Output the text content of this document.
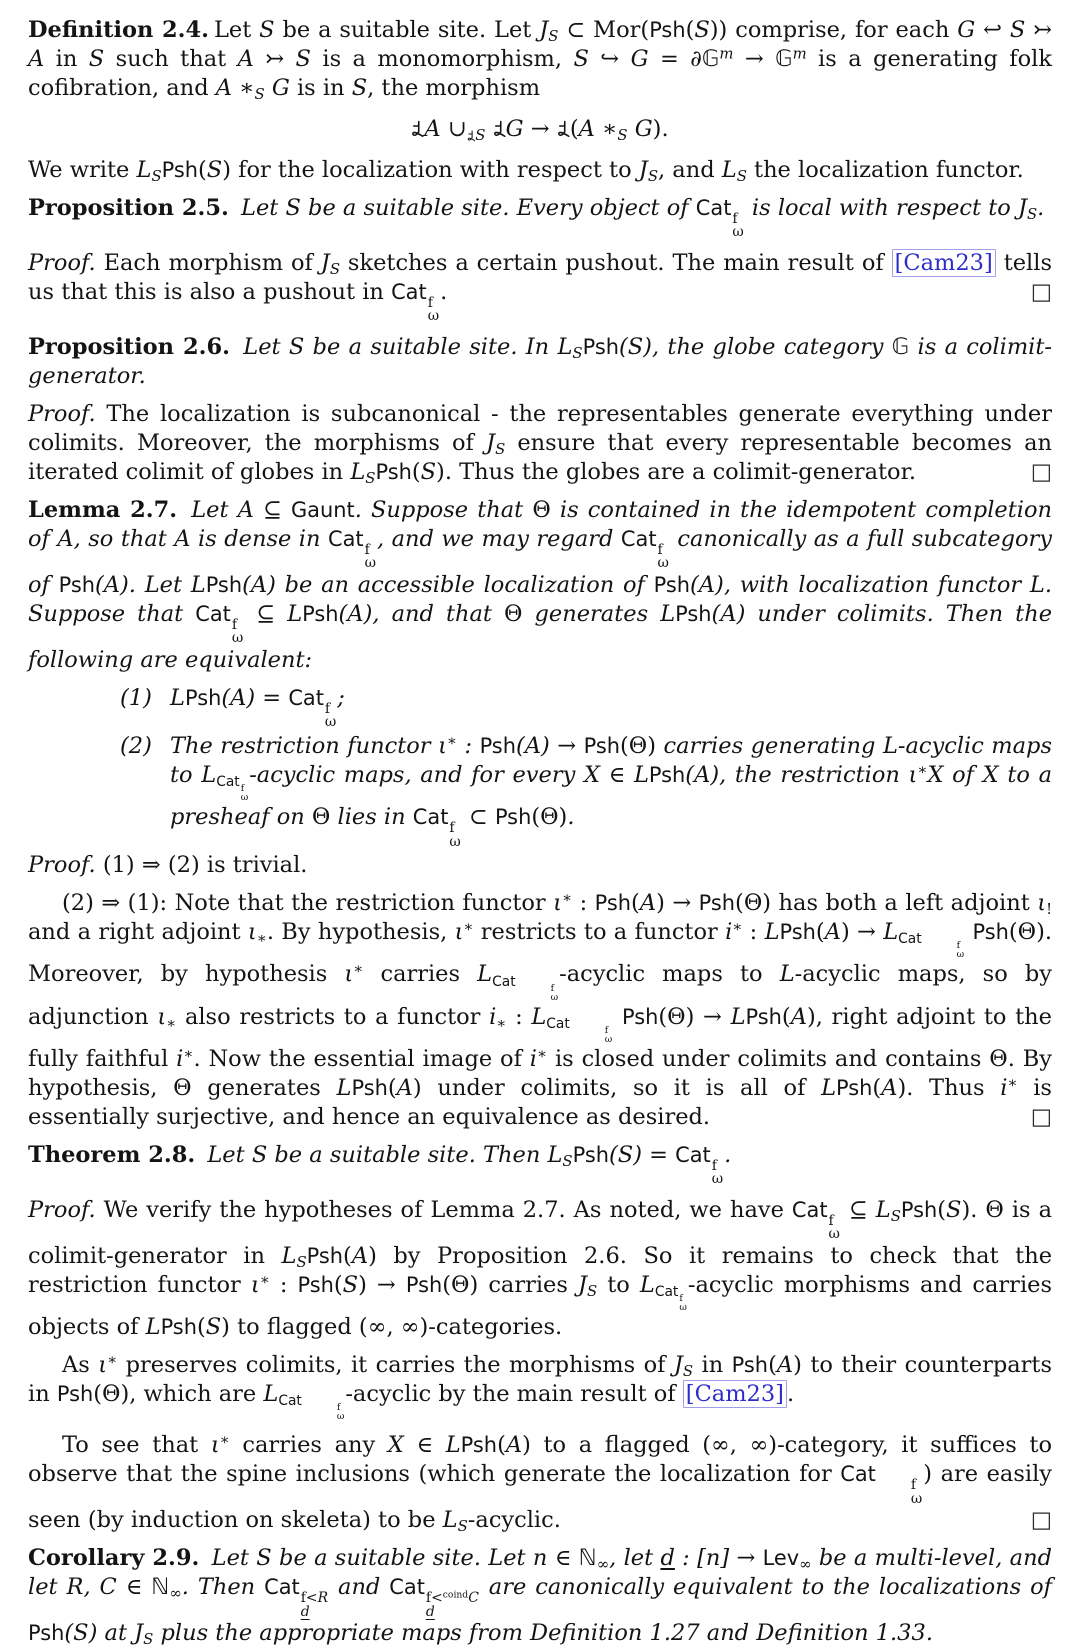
Definition 2.4. Let S be a suitable site. Let $J_S$ ⊂ Mor(Psh(S)) comprise, for each G ↩ S ↣ A in S such that A ↣ S is a monomorphism, S ↪ G = ∂𝔾$^m$ → 𝔾$^m$ is a generating folk cofibration, and A $∗_S$ G is in S, the morphism
A ∪ $_S$ G → (A $∗_S$ G).
We write $L_SPsh(S)$ for the localization with respect to $J_S$, and $L_S$ the localization functor.
Proposition 2.5. Let S be a suitable site. Every object of Cat f
ω
is local with respect to $J_S$.
Proof. Each morphism of $J_S$ sketches a certain pushout. The main result of [Cam23] tells us that this is also a pushout in Cat f
ω
.	□
Proposition 2.6. Let S be a suitable site. In $L_SPsh(S)$, the globe category 𝔾 is a colimit-generator.
Proof. The localization is subcanonical - the representables generate everything under colimits. Moreover, the morphisms of $J_S$ ensure that every representable becomes an iterated colimit of globes in $L_SPsh(S)$. Thus the globes are a colimit-generator.	□
Lemma 2.7. Let A ⊆ Gaunt. Suppose that Θ is contained in the idempotent completion of A, so that A is dense in Cat f
ω
, and we may regard Cat f
ω
canonically as a full subcategory of Psh(A). Let LPsh(A) be an accessible localization of Psh(A), with localization functor L. Suppose that Cat f
ω
⊆ LPsh(A), and that Θ generates LPsh(A) under colimits. Then the following are equivalent:
(1) LPsh(A) = Cat f
ω
;
(2) The restriction functor ι∗ : Psh(A) → Psh(Θ) carries generating L-acyclic maps to $L_{Cat f \omega}$
-acyclic maps, and for every X ∈ LPsh(A), the restriction ι∗X of X to a presheaf on Θ lies in Cat f
ω
⊂ Psh(Θ).
Proof. (1) ⇒ (2) is trivial.
(2) ⇒ (1): Note that the restriction functor ι∗ : Psh(A) → Psh(Θ) has both a left adjoint $\iota_!$ and a right adjoint $\iota_∗$. By hypothesis, ι∗ restricts to a functor i∗ : LPsh(A) → $L_{Cat f \omega}$
Psh(Θ). Moreover, by hypothesis ι∗ carries $L_{Cat f \omega}$
-acyclic maps to L-acyclic maps, so by adjunction $\iota_∗$ also restricts to a functor $i_∗$ : $L_{Cat f \omega}$
Psh(Θ) → LPsh(A), right adjoint to the fully faithful i∗. Now the essential image of i∗ is closed under colimits and contains Θ. By hypothesis, Θ generates LPsh(A) under colimits, so it is all of LPsh(A). Thus i∗ is essentially surjective, and hence an equivalence as desired.	□
Theorem 2.8. Let S be a suitable site. Then $L_SPsh(S)$ = Cat f
ω
.
Proof. We verify the hypotheses of Lemma 2.7. As noted, we have Cat f
ω
⊆ $L_SPsh(S)$. Θ is a colimit-generator in $L_SPsh(A)$ by Proposition 2.6. So it remains to check that the restriction functor ι∗ : Psh(S) → Psh(Θ) carries $J_S$ to $L_{Cat f \omega}$
-acyclic morphisms and carries objects of LPsh(S) to flagged (∞, ∞)-categories.
As ι∗ preserves colimits, it carries the morphisms of $J_S$ in Psh(A) to their counterparts in Psh(Θ), which are $L_{Cat f \omega}$
-acyclic by the main result of [Cam23] .
To see that ι∗ carries any X ∈ LPsh(A) to a flagged (∞, ∞)-category, it suffices to observe that the spine inclusions (which generate the localization for Cat	f
ω
) are easily seen (by induction on skeleta) to be $L_S$-acyclic.	□
Corollary 2.9. Let S be a suitable site. Let n ∈ ℕ$_\infty$, let d : [n] → Lev$_\infty$ be a multi-level, and let R, C ∈ ℕ$_\infty$. Then Cat f<R
d
and Cat f<$^{coind}$C
d
are canonically equivalent to the localizations of Psh(S) at $J_S$ plus the appropriate maps from Definition 1.27 and Definition 1.33.
